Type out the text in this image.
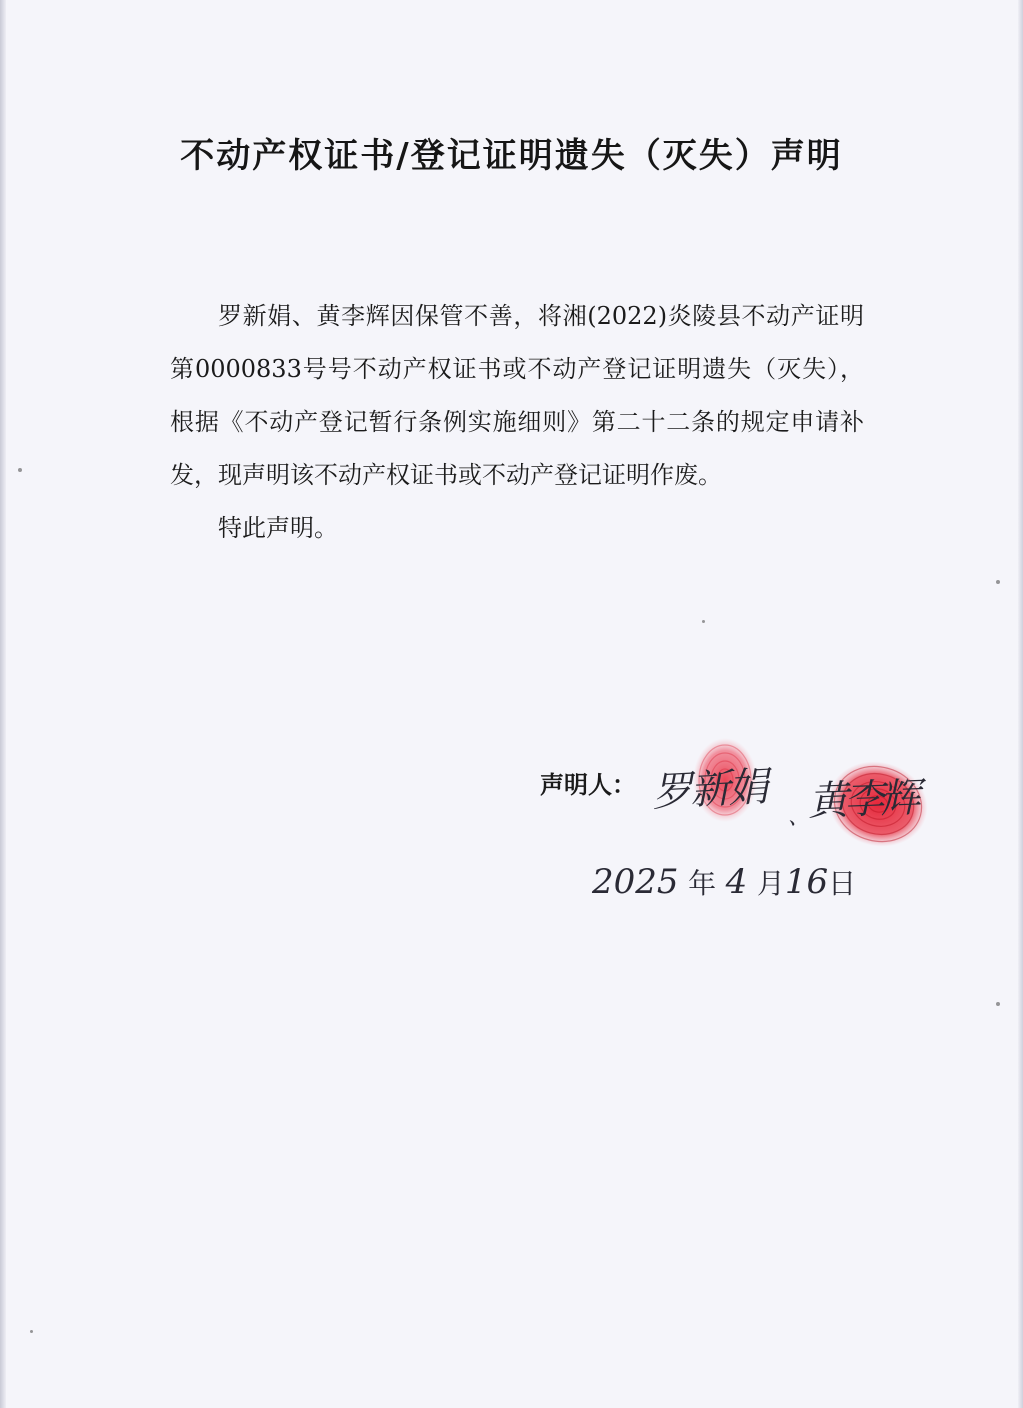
不动产权证书/登记证明遗失（灭失）声明

罗新娟、黄李辉因保管不善，将湘(2022)炎陵县不动产证明第0000833号号不动产权证书或不动产登记证明遗失（灭失），根据《不动产登记暂行条例实施细则》第二十二条的规定申请补发，现声明该不动产权证书或不动产登记证明作废。

特此声明。

声明人： 罗新娟
、
黄李辉
2025 年 4 月16日
